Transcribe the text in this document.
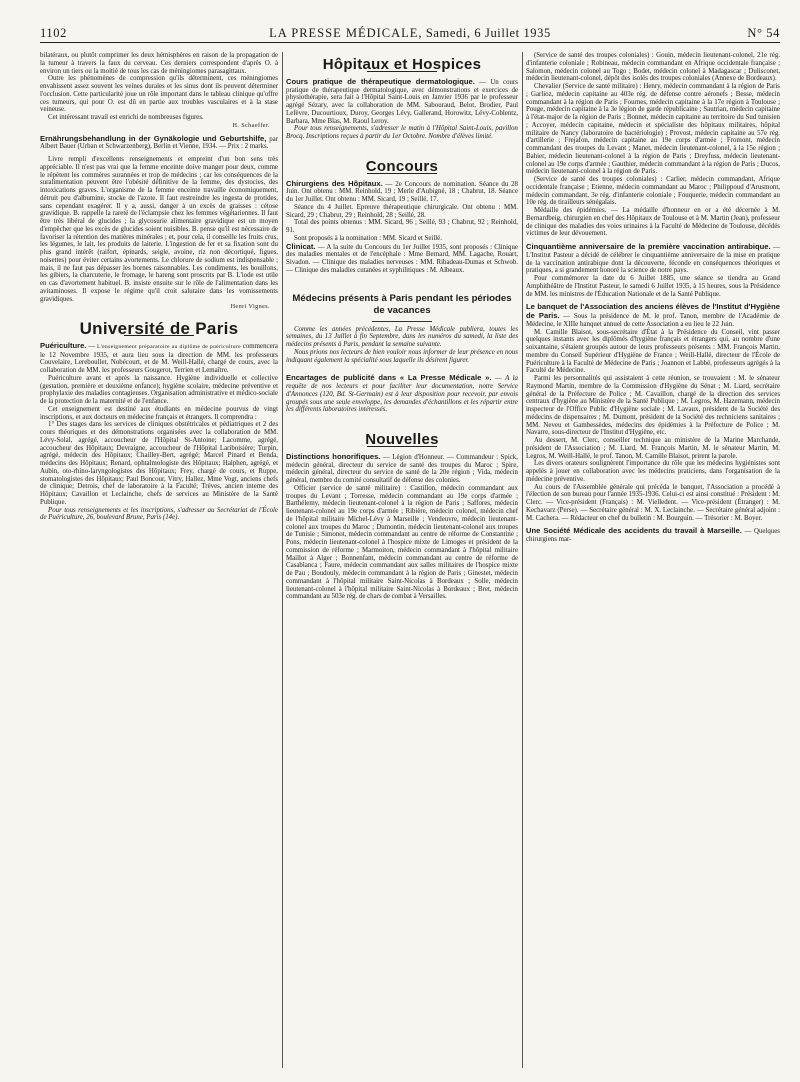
1102	LA PRESSE MÉDICALE, Samedi, 6 Juillet 1935	N° 54

bilatéraux, ou plutôt comprimer les deux hémisphères en raison de la propagation de la tumeur à travers la faux du cerveau. Ces derniers correspondent d'après O. à environ un tiers ou la moitié de tous les cas de méningiomes parasagittaux.

Outre les phénomènes de compression qu'ils déterminent, ces méningiomes envahissent assez souvent les veines durales et les sinus dont ils peuvent déterminer l'occlusion. Cette particularité joue un rôle important dans le tableau clinique qu'offre ces tumeurs, qui pour O. est dû en partie aux troubles vasculaires et à la stase veineuse.

Cet intéressant travail est enrichi de nombreuses figures.

H. Schaeffer.

Ernährungsbehandlung in der Gynäkologie und Geburtshilfe, par Albert Bauer (Urban et Schwarzenberg), Berlin et Vienne, 1934. — Prix : 2 marks.

Livre rempli d'excellents renseignements et empreint d'un bon sens très appréciable. Il n'est pas vrai que la femme enceinte doive manger pour deux, comme le répètent les commères surannées et trop de médecins ; car les conséquences de la suralimentation peuvent être l'obésité définitive de la femme, des dystocies, des intoxications graves. L'organisme de la femme enceinte travaille économiquement, détruit peu d'albumine, stocke de l'azote. Il faut restreindre les ingesta de protides, sans cependant exagérer. Il y a, aussi, danger à un excès de graisses : cétose gravidique. B. rappelle la rareté de l'éclampsie chez les femmes végétariennes. Il faut être très libéral de glucides ; la glycosurie alimentaire gravidique est un moyen d'empêcher que les excès de glucides soient nuisibles. B. pense qu'il est nécessaire de favoriser la rétention des matières minérales ; et, pour cela, il conseille les fruits crus, les légumes, le lait, les produits de laiterie. L'ingestion de fer et sa fixation sont du plus grand intérêt (raifort, épinards, seigle, avoine, riz non décortiqué, figues, noisettes) pour éviter certains avortements. Le chlorure de sodium est indispensable ; mais, il ne faut pas dépasser les bornes raisonnables. Les condiments, les bouillons, les gibiers, la charcuterie, le fromage, le hareng sont proscrits par B. L'iode est utile en cas d'avortement habituel. B. insiste ensuite sur le rôle de l'alimentation dans les avitaminoses. Il expose le régime qu'il croit salutaire dans les vomissements gravidiques.

Henri Vignes.

Université de Paris

Puériculture. — L'enseignement préparatoire au diplôme de puériculture commencera le 12 Novembre 1935, et aura lieu sous la direction de MM. les professeurs Couvelaire, Lereboullet, Nobécourt, et de M. Weill-Hallé, chargé de cours, avec la collaboration de MM. les professeurs Gougerot, Terrien et Lemaître.

Puériculture avant et après la naissance. Hygiène individuelle et collective (gestation, première et deuxième enfance); hygiène scolaire, médecine préventive et prophylaxie des maladies contagieuses. Organisation administrative et médico-sociale de la protection de la maternité et de l'enfance.

Cet enseignement est destiné aux étudiants en médecine pourvus de vingt inscriptions, et aux docteurs en médecine français et étrangers. Il comprendra :

1° Des stages dans les services de cliniques obstétricales et pédiatriques et 2 des cours théoriques et des démonstrations organisées avec la collaboration de MM. Lévy-Solal, agrégé, accoucheur de l'Hôpital St-Antoine; Lacomme, agrégé, accoucheur des Hôpitaux; Devraigne, accoucheur de l'Hôpital Lariboisière; Turpin, agrégé, médecin des Hôpitaux; Chailley-Bert, agrégé; Marcel Pinard et Benda, médecins des Hôpitaux; Renard, ophtalmologiste des Hôpitaux; Halphen, agrégé, et Aubin, oto-rhino-laryngologistes des Hôpitaux; Frey, chargé de cours, et Ruppe, stomatologistes des Hôpitaux; Paul Boncour, Vitry, Hallez, Mme Vogt, anciens chefs de clinique; Detrois, chef de laboratoire à la Faculté; Trèves, ancien interne des Hôpitaux; Cavaillon et Leclainche, chefs de services au Ministère de la Santé Publique.

Pour tous renseignements et les inscriptions, s'adresser au Secrétariat de l'École de Puériculture, 26, boulevard Brune, Paris (14e).

Hôpitaux et Hospices

Cours pratique de thérapeutique dermatologique. — Un cours pratique de thérapeutique dermatologique, avec démonstrations et exercices de physiothérapie, sera fait à l'Hôpital Saint-Louis en Janvier 1936 par le professeur agrégé Sézary, avec la collaboration de MM. Sabouraud, Belot, Brodier, Paul Lefèvre, Ducourtioux, Duroy, Georges Lévy, Gallerand, Horowitz, Lévy-Coblentz, Barbara, Mme Blas, M. Raoul Leroy.

Pour tous renseignements, s'adresser le matin à l'Hôpital Saint-Louis, pavillon Brocq. Inscriptions reçues à partir du 1er Octobre. Nombre d'élèves limité.

Concours

Chirurgiens des Hôpitaux. — 2e Concours de nomination. Séance du 28 Juin. Ont obtenu : MM. Reinhold, 19 ; Merle d'Aubigné, 18 ; Chabrut, 18. Séance du 1er Juillet. Ont obtenu : MM. Sicard, 19 ; Seillé, 17.

Séance du 4 Juillet. Epreuve thérapeutique chirurgicale. Ont obtenu : MM. Sicard, 29 ; Chabrut, 29 ; Reinhold, 28 ; Seillé, 28.

Total des points obtenus : MM. Sicard, 96 ; Seillé, 93 ; Chabrut, 92 ; Reinhold, 91.

Sont proposés à la nomination : MM. Sicard et Seillé.

Clinicat. — A la suite du Concours du 1er Juillet 1935, sont proposés : Clinique des maladies mentales et de l'encéphale : Mme Bernard, MM. Lagache, Rouart, Sivadon. — Clinique des maladies nerveuses : MM. Ribadeau-Dumas et Schwob. — Clinique des maladies cutanées et syphilitiques : M. Albeaux.

Médecins présents à Paris pendant les périodes de vacances

Comme les années précédentes, La Presse Médicale publiera, toutes les semaines, du 13 Juillet à fin Septembre, dans les numéros du samedi, la liste des médecins présents à Paris, pendant la semaine suivante.

Nous prions nos lecteurs de bien vouloir nous informer de leur présence en nous indiquant également la spécialité sous laquelle ils désirent figurer.

Encartages de publicité dans « La Presse Médicale ». — A la requête de nos lecteurs et pour faciliter leur documentation, notre Service d'Annonces (120, Bd. St-Germain) est à leur disposition pour recevoir, par envois groupés sous une seule enveloppe, les demandes d'échantillons et les répartir entre les différents laboratoires intéressés.

Nouvelles

Distinctions honorifiques. — Légion d'Honneur. — Commandeur : Spick, médecin général, directeur du service de santé des troupes du Maroc ; Spire, médecin général, directeur du service de santé de la 20e région ; Vida, médecin général, membre du comité consultatif de défense des colonies.

Officier (service de santé militaire) : Castillon, médecin commandant aux troupes du Levant ; Torresse, médecin commandant au 19e corps d'armée ; Barthélemy, médecin lieutenant-colonel à la région de Paris ; Saffores, médecin lieutenant-colonel au 19e corps d'armée ; Ribière, médecin colonel, médecin chef de l'hôpital militaire Michel-Lévy à Marseille ; Vendeuvre, médecin lieutenant-colonel aux troupes du Maroc ; Dumontin, médecin lieutenant-colonel aux troupes de Tunisie ; Simonot, médecin commandant au centre de réforme de Constantine ; Pons, médecin lieutenant-colonel à l'hospice mixte de Limoges et président de la commission de réforme ; Marmoiton, médecin commandant à l'hôpital militaire Maillot à Alger ; Bonnenfant, médecin commandant au centre de réforme de Casablanca ; Faure, médecin commandant aux salles militaires de l'hospice mixte de Pau ; Boudouly, médecin commandant à la région de Paris ; Ginestet, médecin commandant à l'hôpital militaire Saint-Nicolas à Bordeaux ; Solle, médecin lieutenant-colonel à l'hôpital militaire Saint-Nicolas à Bordeaux ; Bret, médecin commandant au 503e rég. de chars de combat à Versailles.

(Service de santé des troupes coloniales) : Gouin, médecin lieutenant-colonel, 21e rég. d'infanterie coloniale ; Robineau, médecin commandant en Afrique occidentale française ; Salomon, médecin colonel au Togo ; Bodet, médecin colonel à Madagascar ; Dulisconet, médecin lieutenant-colonel, dépôt des isolés des troupes coloniales (Annexe de Bordeaux).

Chevalier (Service de santé militaire) : Henry, médecin commandant à la région de Paris ; Garlioz, médecin capitaine au 403e rég. de défense contre aéronefs ; Besse, médecin commandant à la région de Paris ; Fournes, médecin capitaine à la 17e région à Toulouse ; Pouge, médecin capitaine à la 3e légion de garde républicaine ; Sautrian, médecin capitaine à l'état-major de la région de Paris ; Bonnet, médecin capitaine au territoire du Sud tunisien ; Accoyer, médecin capitaine, médecin et spécialiste des hôpitaux militaires, hôpital militaire de Nancy (laboratoire de bactériologie) ; Provost, médecin capitaine au 57e rég. d'artillerie ; Frejafon, médecin capitaine au 19e corps d'armée ; Fromont, médecin commandant des troupes du Levant ; Manet, médecin lieutenant-colonel, à la 15e région ; Bahier, médecin lieutenant-colonel à la région de Paris ; Dreyfuss, médecin lieutenant-colonel au 19e corps d'armée ; Gauthier, médecin commandant à la région de Paris ; Ducos, médecin lieutenant-colonel à la région de Paris.

(Service de santé des troupes coloniales) : Carlier, médecin commandant, Afrique occidentale française ; Etienne, médecin commandant au Maroc ; Philippoud d'Arusmont, médecin commandant, 3e rég. d'infanterie coloniale ; Fouquerie, médecin commandant au 10e rég. de tirailleurs sénégalais.

Médaille des épidémies. — La médaille d'honneur en or a été décernée à M. Bernardbeig, chirurgien en chef des Hôpitaux de Toulouse et à M. Martin (Jean), professeur de clinique des maladies des voies urinaires à la Faculté de Médecine de Toulouse, décédés victimes de leur dévouement.

Cinquantième anniversaire de la première vaccination antirabique. — L'Institut Pasteur a décidé de célébrer le cinquantième anniversaire de la mise en pratique de la vaccination antirabique dont la découverte, féconde en conséquences théoriques et pratiques, a si grandement honoré la science de notre pays.

Pour commémorer la date du 6 Juillet 1885, une séance se tiendra au Grand Amphithéâtre de l'Institut Pasteur, le samedi 6 Juillet 1935, à 15 heures, sous la Présidence de MM. les ministres de l'Éducation Nationale et de la Santé Publique.

Le banquet de l'Association des anciens élèves de l'Institut d'Hygiène de Paris. — Sous la présidence de M. le prof. Tanon, membre de l'Académie de Médecine, le XIIIe banquet annuel de cette Association a eu lieu le 22 Juin.

M. Camille Blaisot, sous-secrétaire d'État à la Présidence du Conseil, vint passer quelques instants avec les diplômés d'hygiène français et étrangers qui, au nombre d'une soixantaine, s'étaient groupés autour de leurs professeurs présents : MM. François Martin, membre du Conseil Supérieur d'Hygiène de France ; Weill-Hallé, directeur de l'École de Puériculture à la Faculté de Médecine de Paris ; Joannon et Labbé, professeurs agrégés à la Faculté de Médecine.

Parmi les personnalités qui assistaient à cette réunion, se trouvaient : M. le sénateur Raymond Martin, membre de la Commission d'Hygiène du Sénat ; M. Liard, secrétaire général de la Préfecture de Police ; M. Cavaillon, chargé de la direction des services centraux d'hygiène au Ministère de la Santé Publique ; M. Legros, M. Hazemann, médecin inspecteur de l'Office Public d'Hygiène sociale ; M. Lavaux, président de la Société des médecins de dispensaires ; M. Dumont, président de la Société des techniciens sanitaires ; MM. Neveu et Gambessèdes, médecins des épidémies à la Préfecture de Police ; M. Navarre, sous-directeur de l'Institut d'Hygiène, etc.

Au dessert, M. Clerc, conseiller technique au ministère de la Marine Marchande, président de l'Association ; M. Liard, M. François Martin, M. le sénateur Martin, M. Legros, M. Weill-Hallé, le prof. Tanon, M. Camille Blaisot, prirent la parole.

Les divers orateurs soulignèrent l'importance du rôle que les médecins hygiénistes sont appelés à jouer en collaboration avec les médecins praticiens, dans l'organisation de la médecine préventive.

Au cours de l'Assemblée générale qui précéda le banquet, l'Association a procédé à l'élection de son bureau pour l'année 1935-1936. Celui-ci est ainsi constitué : Président : M. Clerc. — Vice-président (Français) : M. Vielledent. — Vice-président (Étranger) : M. Kechavarz (Perse). — Secrétaire général : M. X. Leclainche. — Secrétaire général adjoint : M. Cachera. — Rédacteur en chef du bulletin : M. Bourguin. — Trésorier : M. Boyer.

Une Société Médicale des accidents du travail à Marseille. — Quelques chirurgiens mar-
